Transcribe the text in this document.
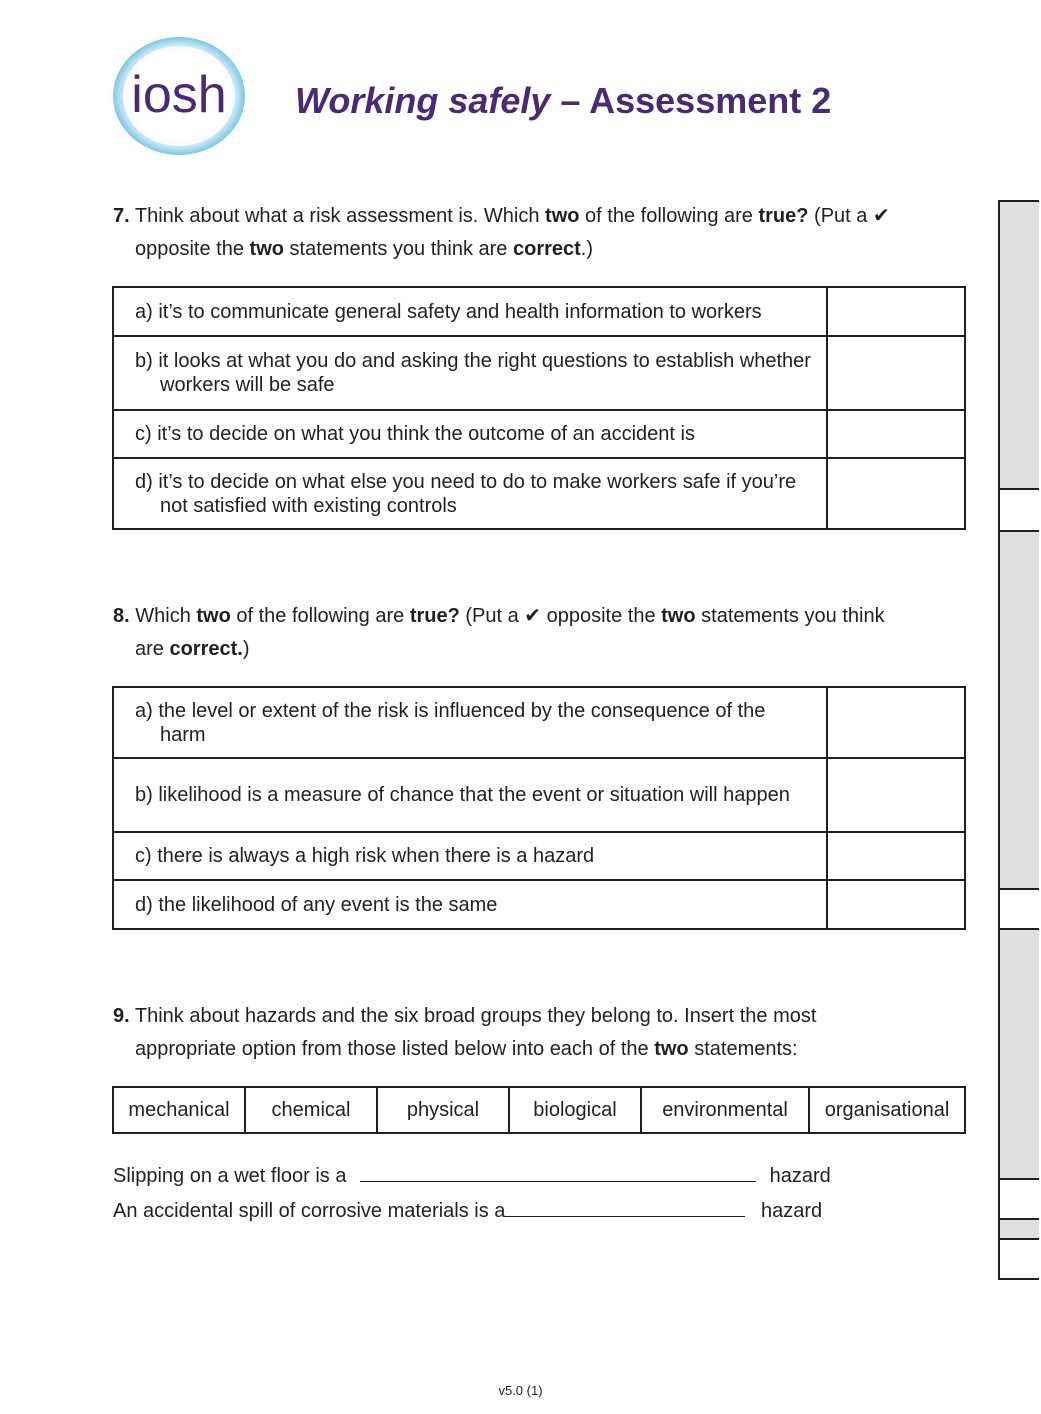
iosh Working safely – Assessment 2
7. Think about what a risk assessment is. Which two of the following are true? (Put a ✔
opposite the two statements you think are correct.)
a) it’s to communicate general safety and health information to workers	

b) it looks at what you do and asking the right questions to establish whether workers will be safe	

c) it’s to decide on what you think the outcome of an accident is	

d) it’s to decide on what else you need to do to make workers safe if you’re not satisfied with existing controls	

8. Which two of the following are true? (Put a ✔ opposite the two statements you think
are correct.)
a) the level or extent of the risk is influenced by the consequence of the harm	

b) likelihood is a measure of chance that the event or situation will happen	

c) there is always a high risk when there is a hazard	

d) the likelihood of any event is the same	

9. Think about hazards and the six broad groups they belong to. Insert the most
appropriate option from those listed below into each of the two statements:
mechanical	chemical	physical	biological	environmental	organisational
Slipping on a wet floor is a	hazard
An accidental spill of corrosive materials is a	hazard
v5.0 (1)
